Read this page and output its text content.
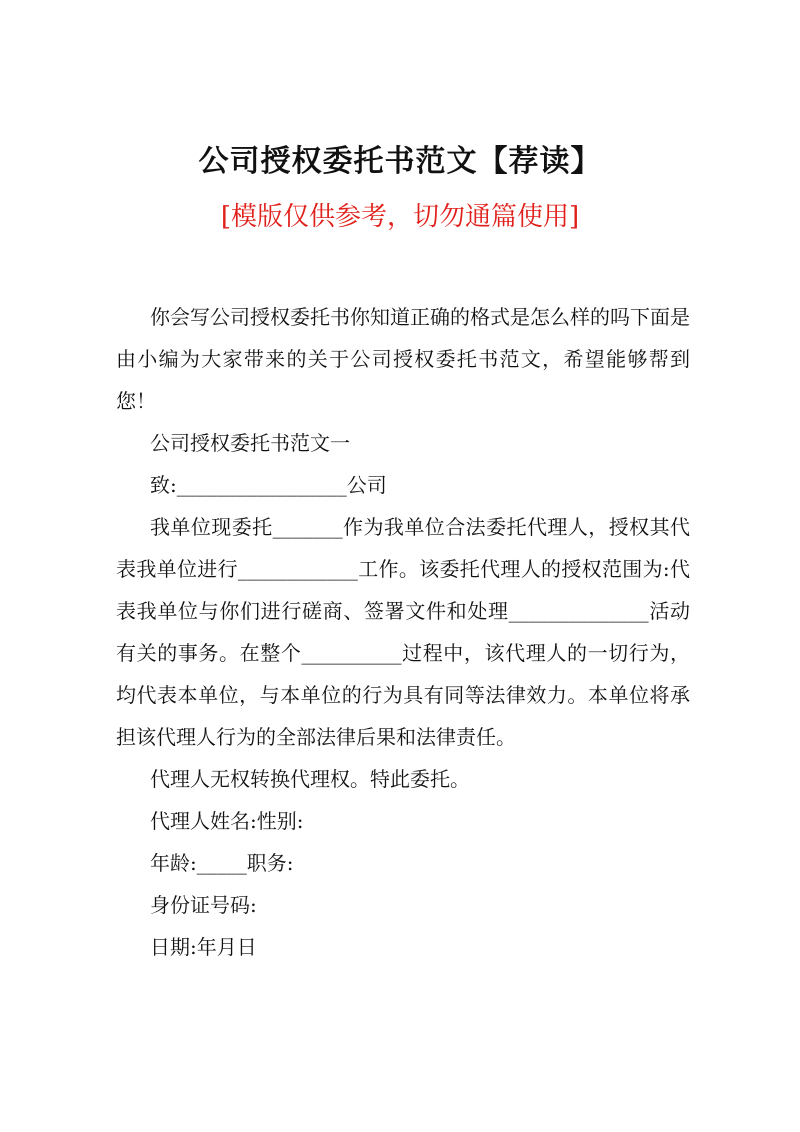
公司授权委托书范文【荐读】
[模版仅供参考，切勿通篇使用]

你会写公司授权委托书你知道正确的格式是怎么样的吗下面是由小编为大家带来的关于公司授权委托书范文，希望能够帮到您！

公司授权委托书范文一

致:_________________公司

我单位现委托_______作为我单位合法委托代理人，授权其代表我单位进行____________工作。该委托代理人的授权范围为:代表我单位与你们进行磋商、签署文件和处理______________活动有关的事务。在整个__________过程中，该代理人的一切行为，均代表本单位，与本单位的行为具有同等法律效力。本单位将承担该代理人行为的全部法律后果和法律责任。

代理人无权转换代理权。特此委托。

代理人姓名:性别:

年龄:_____职务:

身份证号码:

日期:年月日
